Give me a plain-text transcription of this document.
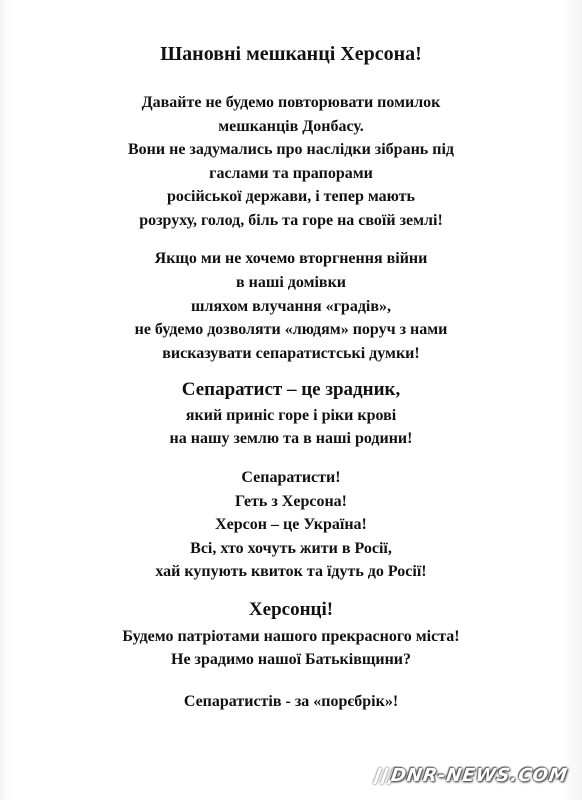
Шановні мешканці Херсона!
Давайте не будемо повторювати помилок
мешканців Донбасу.
Вони не задумались про наслідки зібрань під
гаслами та прапорами
російської держави, і тепер мають
розруху, голод, біль та горе на своїй землі!
Якщо ми не хочемо вторгнення війни
в наші домівки
шляхом влучання «градів»,
не будемо дозволяти «людям» поруч з нами
висказувати сепаратистські думки!
Сепаратист – це зрадник,
який приніс горе і ріки крові
на нашу землю та в наші родини!
Сепаратисти!
Геть з Херсона!
Херсон – це Україна!
Всі, хто хочуть жити в Росії,
хай купують квиток та їдуть до Росії!
Херсонці!
Будемо патріотами нашого прекрасного міста!
Не зрадимо нашої Батьківщини?
Сепаратистів - за «порєбрік»!
DNR-NEWS.COM
